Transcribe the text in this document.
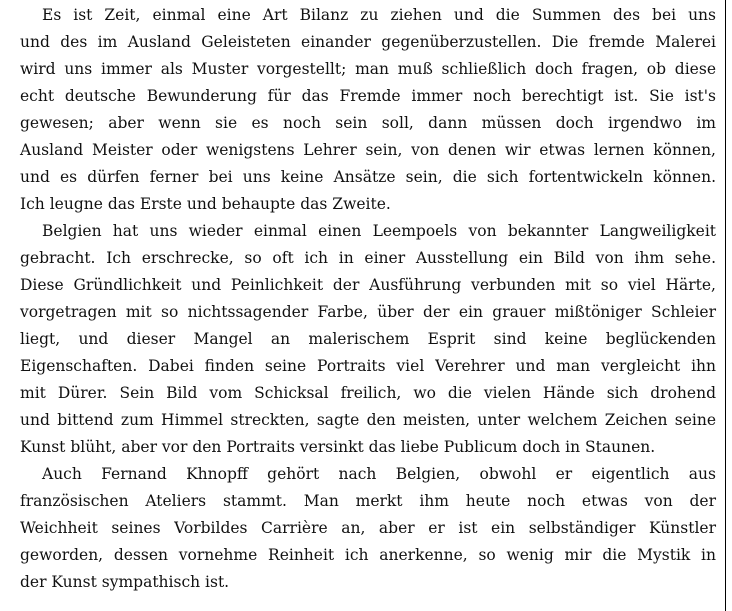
Es ist Zeit, einmal eine Art Bilanz zu ziehen und die Summen des bei uns
und des im Ausland Geleisteten einander gegenüberzustellen. Die fremde Malerei
wird uns immer als Muster vorgestellt; man muß schließlich doch fragen, ob diese
echt deutsche Bewunderung für das Fremde immer noch berechtigt ist. Sie ist's
gewesen; aber wenn sie es noch sein soll, dann müssen doch irgendwo im
Ausland Meister oder wenigstens Lehrer sein, von denen wir etwas lernen können,
und es dürfen ferner bei uns keine Ansätze sein, die sich fortentwickeln können.
Ich leugne das Erste und behaupte das Zweite.
Belgien hat uns wieder einmal einen Leempoels von bekannter Langweiligkeit
gebracht. Ich erschrecke, so oft ich in einer Ausstellung ein Bild von ihm sehe.
Diese Gründlichkeit und Peinlichkeit der Ausführung verbunden mit so viel Härte,
vorgetragen mit so nichtssagender Farbe, über der ein grauer mißtöniger Schleier
liegt, und dieser Mangel an malerischem Esprit sind keine beglückenden
Eigenschaften. Dabei finden seine Portraits viel Verehrer und man vergleicht ihn
mit Dürer. Sein Bild vom Schicksal freilich, wo die vielen Hände sich drohend
und bittend zum Himmel streckten, sagte den meisten, unter welchem Zeichen seine
Kunst blüht, aber vor den Portraits versinkt das liebe Publicum doch in Staunen.
Auch Fernand Khnopff gehört nach Belgien, obwohl er eigentlich aus
französischen Ateliers stammt. Man merkt ihm heute noch etwas von der
Weichheit seines Vorbildes Carrière an, aber er ist ein selbständiger Künstler
geworden, dessen vornehme Reinheit ich anerkenne, so wenig mir die Mystik in
der Kunst sympathisch ist.
